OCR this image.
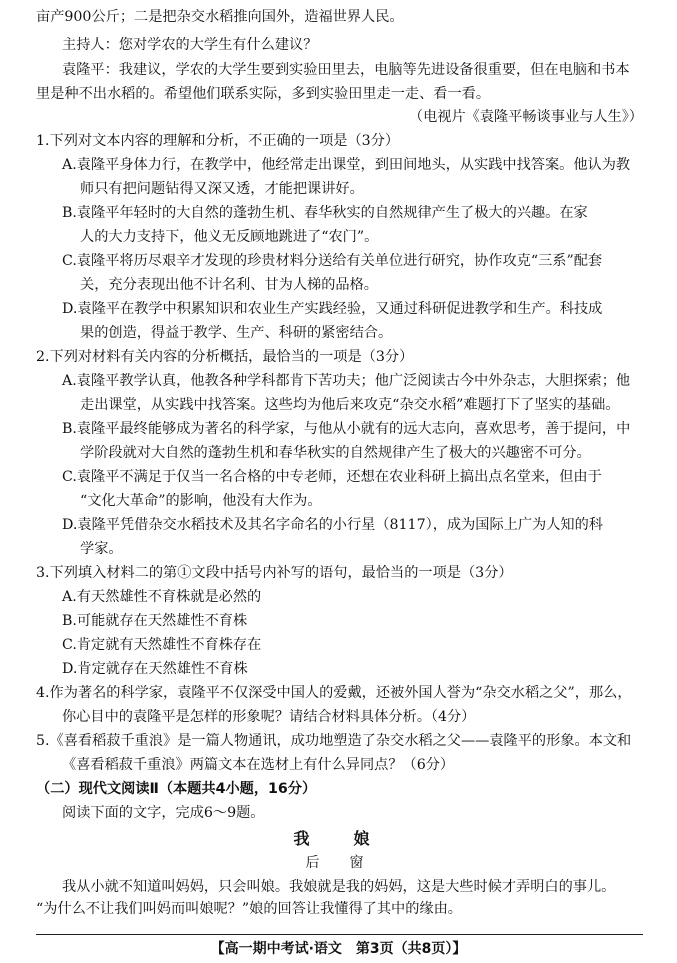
亩产900公斤；二是把杂交水稻推向国外，造福世界人民。
主持人：您对学农的大学生有什么建议？
袁隆平：我建议，学农的大学生要到实验田里去，电脑等先进设备很重要，但在电脑和书本
里是种不出水稻的。希望他们联系实际，多到实验田里走一走、看一看。
（电视片《袁隆平畅谈事业与人生》）
1.下列对文本内容的理解和分析，不正确的一项是（3分）
A.袁隆平身体力行，在教学中，他经常走出课堂，到田间地头，从实践中找答案。他认为教
师只有把问题钻得又深又透，才能把课讲好。
B.袁隆平年轻时的大自然的蓬勃生机、春华秋实的自然规律产生了极大的兴趣。在家
人的大力支持下，他义无反顾地跳进了“农门”。
C.袁隆平将历尽艰辛才发现的珍贵材料分送给有关单位进行研究，协作攻克“三系”配套
关，充分表现出他不计名利、甘为人梯的品格。
D.袁隆平在教学中积累知识和农业生产实践经验，又通过科研促进教学和生产。科技成
果的创造，得益于教学、生产、科研的紧密结合。
2.下列对材料有关内容的分析概括，最恰当的一项是（3分）
A.袁隆平教学认真，他教各种学科都肯下苦功夫；他广泛阅读古今中外杂志，大胆探索；他
走出课堂，从实践中找答案。这些均为他后来攻克“杂交水稻”难题打下了坚实的基础。
B.袁隆平最终能够成为著名的科学家，与他从小就有的远大志向，喜欢思考，善于提问，中
学阶段就对大自然的蓬勃生机和春华秋实的自然规律产生了极大的兴趣密不可分。
C.袁隆平不满足于仅当一名合格的中专老师，还想在农业科研上搞出点名堂来，但由于
“文化大革命”的影响，他没有大作为。
D.袁隆平凭借杂交水稻技术及其名字命名的小行星（8117），成为国际上广为人知的科
学家。
3.下列填入材料二的第①文段中括号内补写的语句，最恰当的一项是（3分）
A.有天然雄性不育株就是必然的
B.可能就存在天然雄性不育株
C.肯定就有天然雄性不育株存在
D.肯定就存在天然雄性不育株
4.作为著名的科学家，袁隆平不仅深受中国人的爱戴，还被外国人誉为“杂交水稻之父”，那么，
你心目中的袁隆平是怎样的形象呢？请结合材料具体分析。（4分）
5.《喜看稻菽千重浪》是一篇人物通讯，成功地塑造了杂交水稻之父——袁隆平的形象。本文和
《喜看稻菽千重浪》两篇文本在选材上有什么异同点？（6分）
（二）现代文阅读Ⅱ（本题共4小题，16分）
阅读下面的文字，完成6～9题。
我　娘
后　窗
我从小就不知道叫妈妈，只会叫娘。我娘就是我的妈妈，这是大些时候才弄明白的事儿。
“为什么不让我们叫妈而叫娘呢？”娘的回答让我懂得了其中的缘由。
【高一期中考试·语文　第3页（共8页）】
